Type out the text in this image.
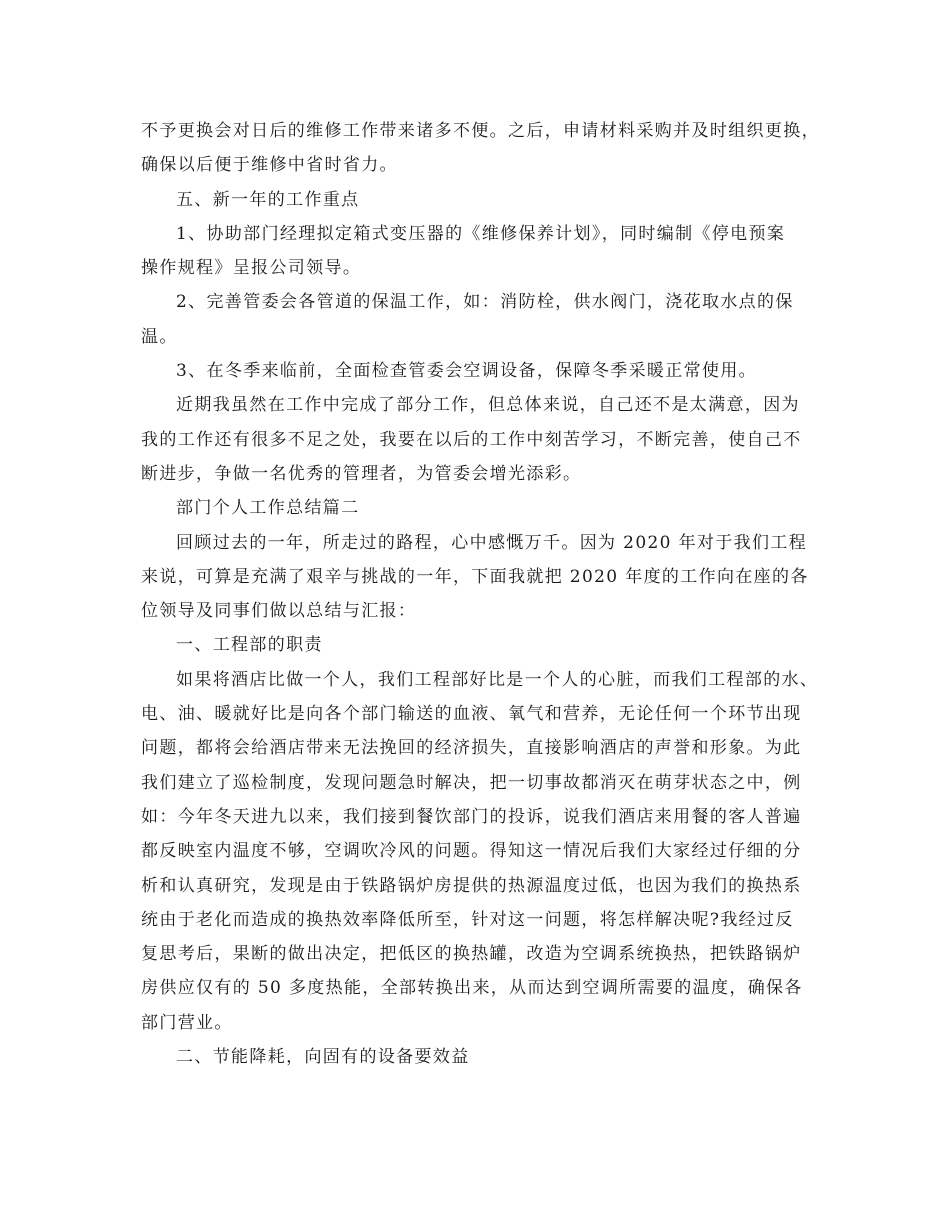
不予更换会对日后的维修工作带来诸多不便。之后，申请材料采购并及时组织更换，
确保以后便于维修中省时省力。
五、新一年的工作重点
1、协助部门经理拟定箱式变压器的《维修保养计划》，同时编制《停电预案
操作规程》呈报公司领导。
2、完善管委会各管道的保温工作，如：消防栓，供水阀门，浇花取水点的保
温。
3、在冬季来临前，全面检查管委会空调设备，保障冬季采暖正常使用。
近期我虽然在工作中完成了部分工作，但总体来说，自己还不是太满意，因为
我的工作还有很多不足之处，我要在以后的工作中刻苦学习，不断完善，使自己不
断进步，争做一名优秀的管理者，为管委会增光添彩。
部门个人工作总结篇二
回顾过去的一年，所走过的路程，心中感慨万千。因为 2020 年对于我们工程
来说，可算是充满了艰辛与挑战的一年，下面我就把 2020 年度的工作向在座的各
位领导及同事们做以总结与汇报：
一、工程部的职责
如果将酒店比做一个人，我们工程部好比是一个人的心脏，而我们工程部的水、
电、油、暖就好比是向各个部门输送的血液、氧气和营养，无论任何一个环节出现
问题，都将会给酒店带来无法挽回的经济损失，直接影响酒店的声誉和形象。为此
我们建立了巡检制度，发现问题急时解决，把一切事故都消灭在萌芽状态之中，例
如：今年冬天进九以来，我们接到餐饮部门的投诉，说我们酒店来用餐的客人普遍
都反映室内温度不够，空调吹冷风的问题。得知这一情况后我们大家经过仔细的分
析和认真研究，发现是由于铁路锅炉房提供的热源温度过低，也因为我们的换热系
统由于老化而造成的换热效率降低所至，针对这一问题，将怎样解决呢?我经过反
复思考后，果断的做出决定，把低区的换热罐，改造为空调系统换热，把铁路锅炉
房供应仅有的 50 多度热能，全部转换出来，从而达到空调所需要的温度，确保各
部门营业。
二、节能降耗，向固有的设备要效益
